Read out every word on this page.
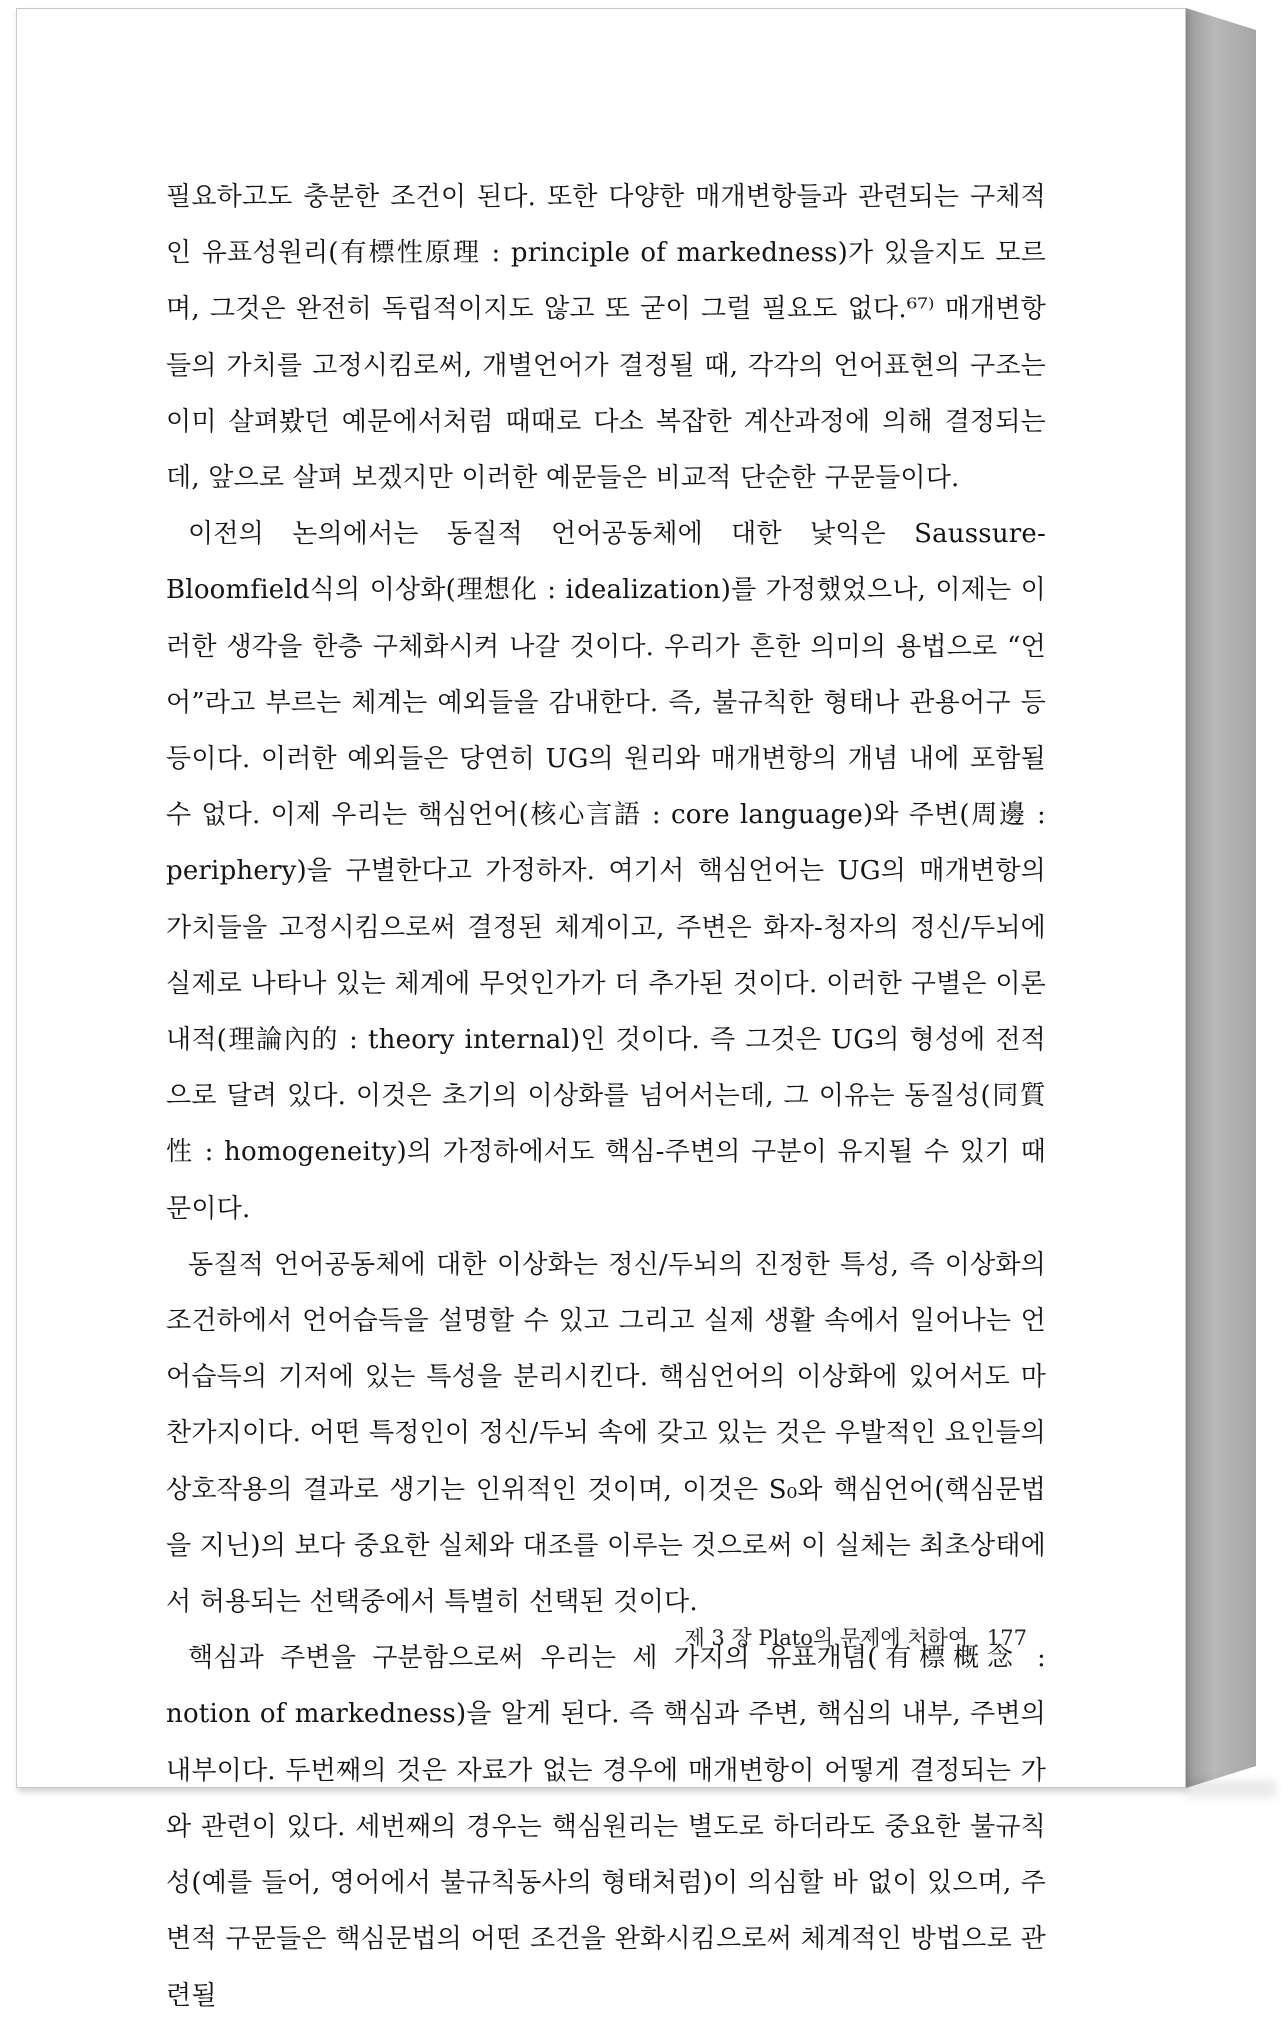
필요하고도 충분한 조건이 된다. 또한 다양한 매개변항들과 관련되는 구체적인 유표성원리(有標性原理 : principle of markedness)가 있을지도 모르며, 그것은 완전히 독립적이지도 않고 또 굳이 그럴 필요도 없다.⁶⁷⁾ 매개변항들의 가치를 고정시킴로써, 개별언어가 결정될 때, 각각의 언어표현의 구조는 이미 살펴봤던 예문에서처럼 때때로 다소 복잡한 계산과정에 의해 결정되는데, 앞으로 살펴 보겠지만 이러한 예문들은 비교적 단순한 구문들이다.

이전의 논의에서는 동질적 언어공동체에 대한 낯익은 Saussure-Bloomfield식의 이상화(理想化 : idealization)를 가정했었으나, 이제는 이러한 생각을 한층 구체화시켜 나갈 것이다. 우리가 흔한 의미의 용법으로 “언어”라고 부르는 체계는 예외들을 감내한다. 즉, 불규칙한 형태나 관용어구 등등이다. 이러한 예외들은 당연히 UG의 원리와 매개변항의 개념 내에 포함될 수 없다. 이제 우리는 핵심언어(核心言語 : core language)와 주변(周邊 : periphery)을 구별한다고 가정하자. 여기서 핵심언어는 UG의 매개변항의 가치들을 고정시킴으로써 결정된 체계이고, 주변은 화자-청자의 정신/두뇌에 실제로 나타나 있는 체계에 무엇인가가 더 추가된 것이다. 이러한 구별은 이론내적(理論內的 : theory internal)인 것이다. 즉 그것은 UG의 형성에 전적으로 달려 있다. 이것은 초기의 이상화를 넘어서는데, 그 이유는 동질성(同質性 : homogeneity)의 가정하에서도 핵심-주변의 구분이 유지될 수 있기 때문이다.

동질적 언어공동체에 대한 이상화는 정신/두뇌의 진정한 특성, 즉 이상화의 조건하에서 언어습득을 설명할 수 있고 그리고 실제 생활 속에서 일어나는 언어습득의 기저에 있는 특성을 분리시킨다. 핵심언어의 이상화에 있어서도 마찬가지이다. 어떤 특정인이 정신/두뇌 속에 갖고 있는 것은 우발적인 요인들의 상호작용의 결과로 생기는 인위적인 것이며, 이것은 S₀와 핵심언어(핵심문법을 지닌)의 보다 중요한 실체와 대조를 이루는 것으로써 이 실체는 최초상태에서 허용되는 선택중에서 특별히 선택된 것이다.

핵심과 주변을 구분함으로써 우리는 세 가지의 유표개념(有標概念 : notion of markedness)을 알게 된다. 즉 핵심과 주변, 핵심의 내부, 주변의 내부이다. 두번째의 것은 자료가 없는 경우에 매개변항이 어떻게 결정되는 가와 관련이 있다. 세번째의 경우는 핵심원리는 별도로 하더라도 중요한 불규칙성(예를 들어, 영어에서 불규칙동사의 형태처럼)이 의심할 바 없이 있으며, 주변적 구문들은 핵심문법의 어떤 조건을 완화시킴으로써 체계적인 방법으로 관련될

제 3 장 Plato의 문제에 처하여 177
